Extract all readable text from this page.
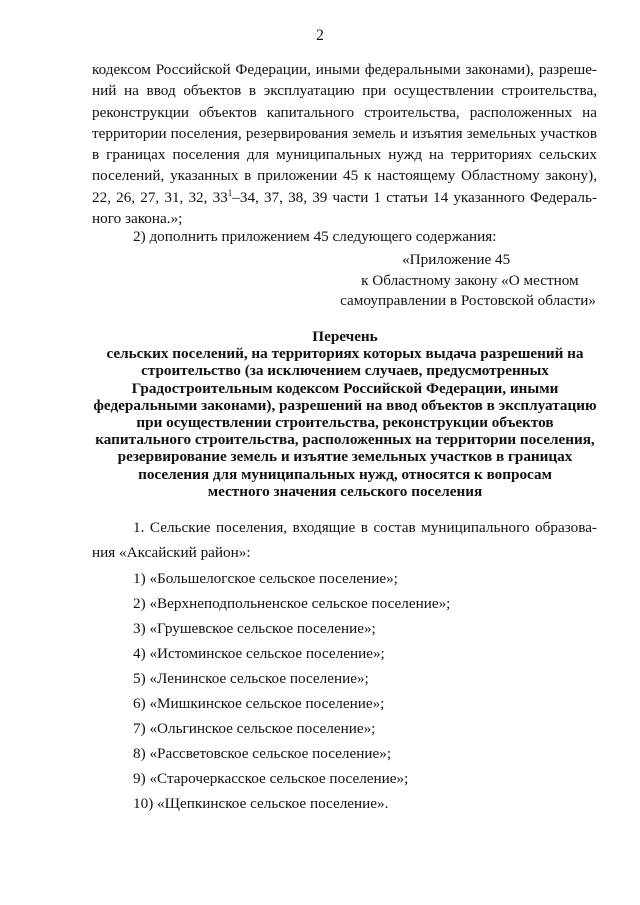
2
кодексом Российской Федерации, иными федеральными законами), разреше-
ний на ввод объектов в эксплуатацию при осуществлении строительства,
реконструкции объектов капитального строительства, расположенных на
территории поселения, резервирования земель и изъятия земельных участков
в границах поселения для муниципальных нужд на территориях сельских
поселений, указанных в приложении 45 к настоящему Областному закону),
22, 26, 27, 31, 32, $33^1-34$, 37, 38, 39 части 1 статьи 14 указанного Федераль-
ного закона.»;
2) дополнить приложением 45 следующего содержания:
«Приложение 45
к Областному закону «О местном
самоуправлении в Ростовской области»
Перечень
сельских поселений, на территориях которых выдача разрешений на
строительство (за исключением случаев, предусмотренных
Градостроительным кодексом Российской Федерации, иными
федеральными законами), разрешений на ввод объектов в эксплуатацию
при осуществлении строительства, реконструкции объектов
капитального строительства, расположенных на территории поселения,
резервирование земель и изъятие земельных участков в границах
поселения для муниципальных нужд, относятся к вопросам
местного значения сельского поселения
1. Сельские поселения, входящие в состав муниципального образова-
ния «Аксайский район»:
1) «Большелогское сельское поселение»;
2) «Верхнеподпольненское сельское поселение»;
3) «Грушевское сельское поселение»;
4) «Истоминское сельское поселение»;
5) «Ленинское сельское поселение»;
6) «Мишкинское сельское поселение»;
7) «Ольгинское сельское поселение»;
8) «Рассветовское сельское поселение»;
9) «Старочеркасское сельское поселение»;
10) «Щепкинское сельское поселение».
